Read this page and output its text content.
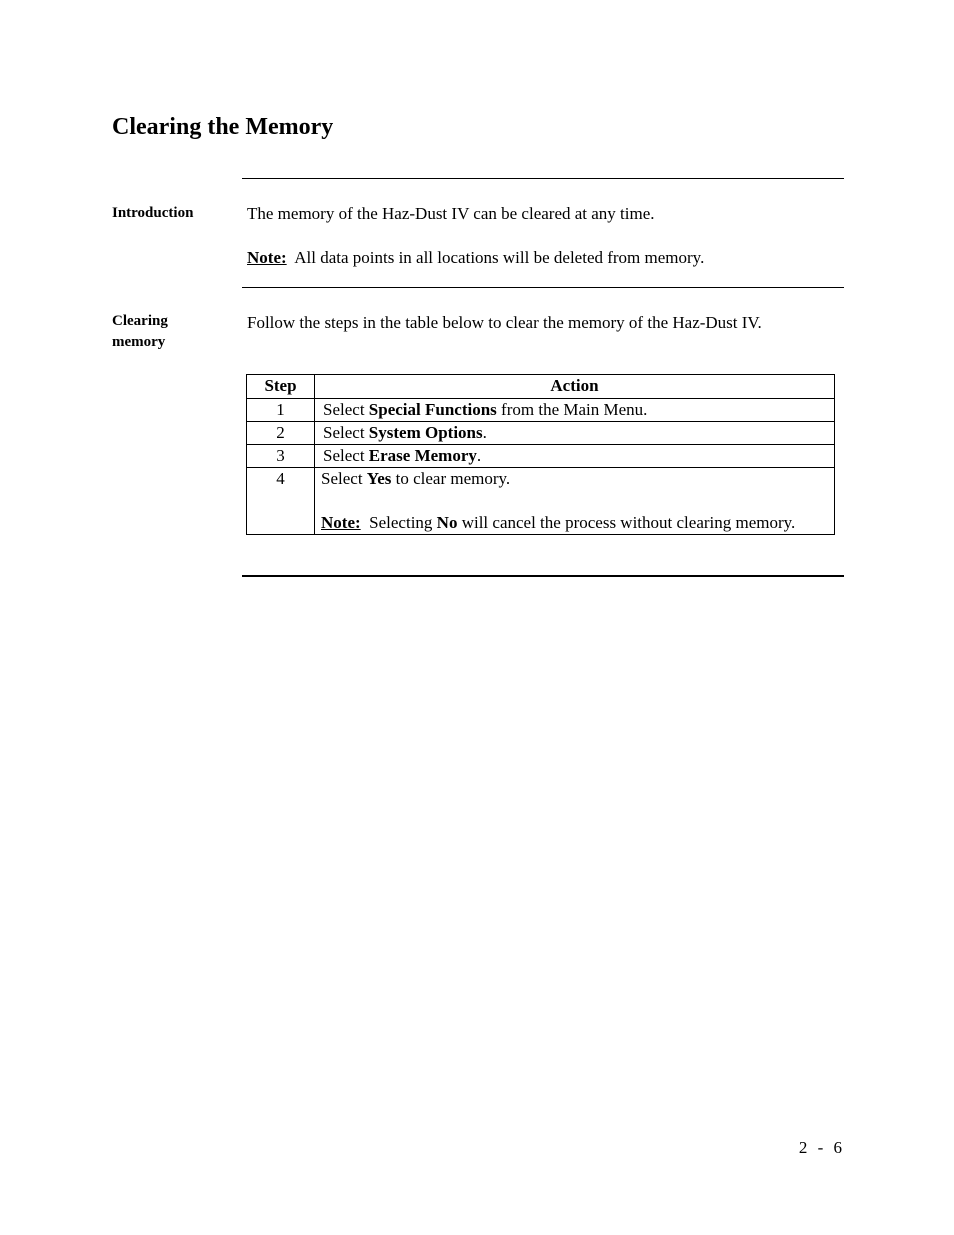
Clearing the Memory
Introduction	The memory of the Haz-Dust IV can be cleared at any time.
Note: All data points in all locations will be deleted from memory.
Clearing
memory
Follow the steps in the table below to clear the memory of the Haz-Dust IV.
Step	Action
1	Select Special Functions from the Main Menu.
2	Select System Options.
3	Select Erase Memory.
4	Select Yes to clear memory.
Note: Selecting No will cancel the process without clearing memory.
2 - 6
